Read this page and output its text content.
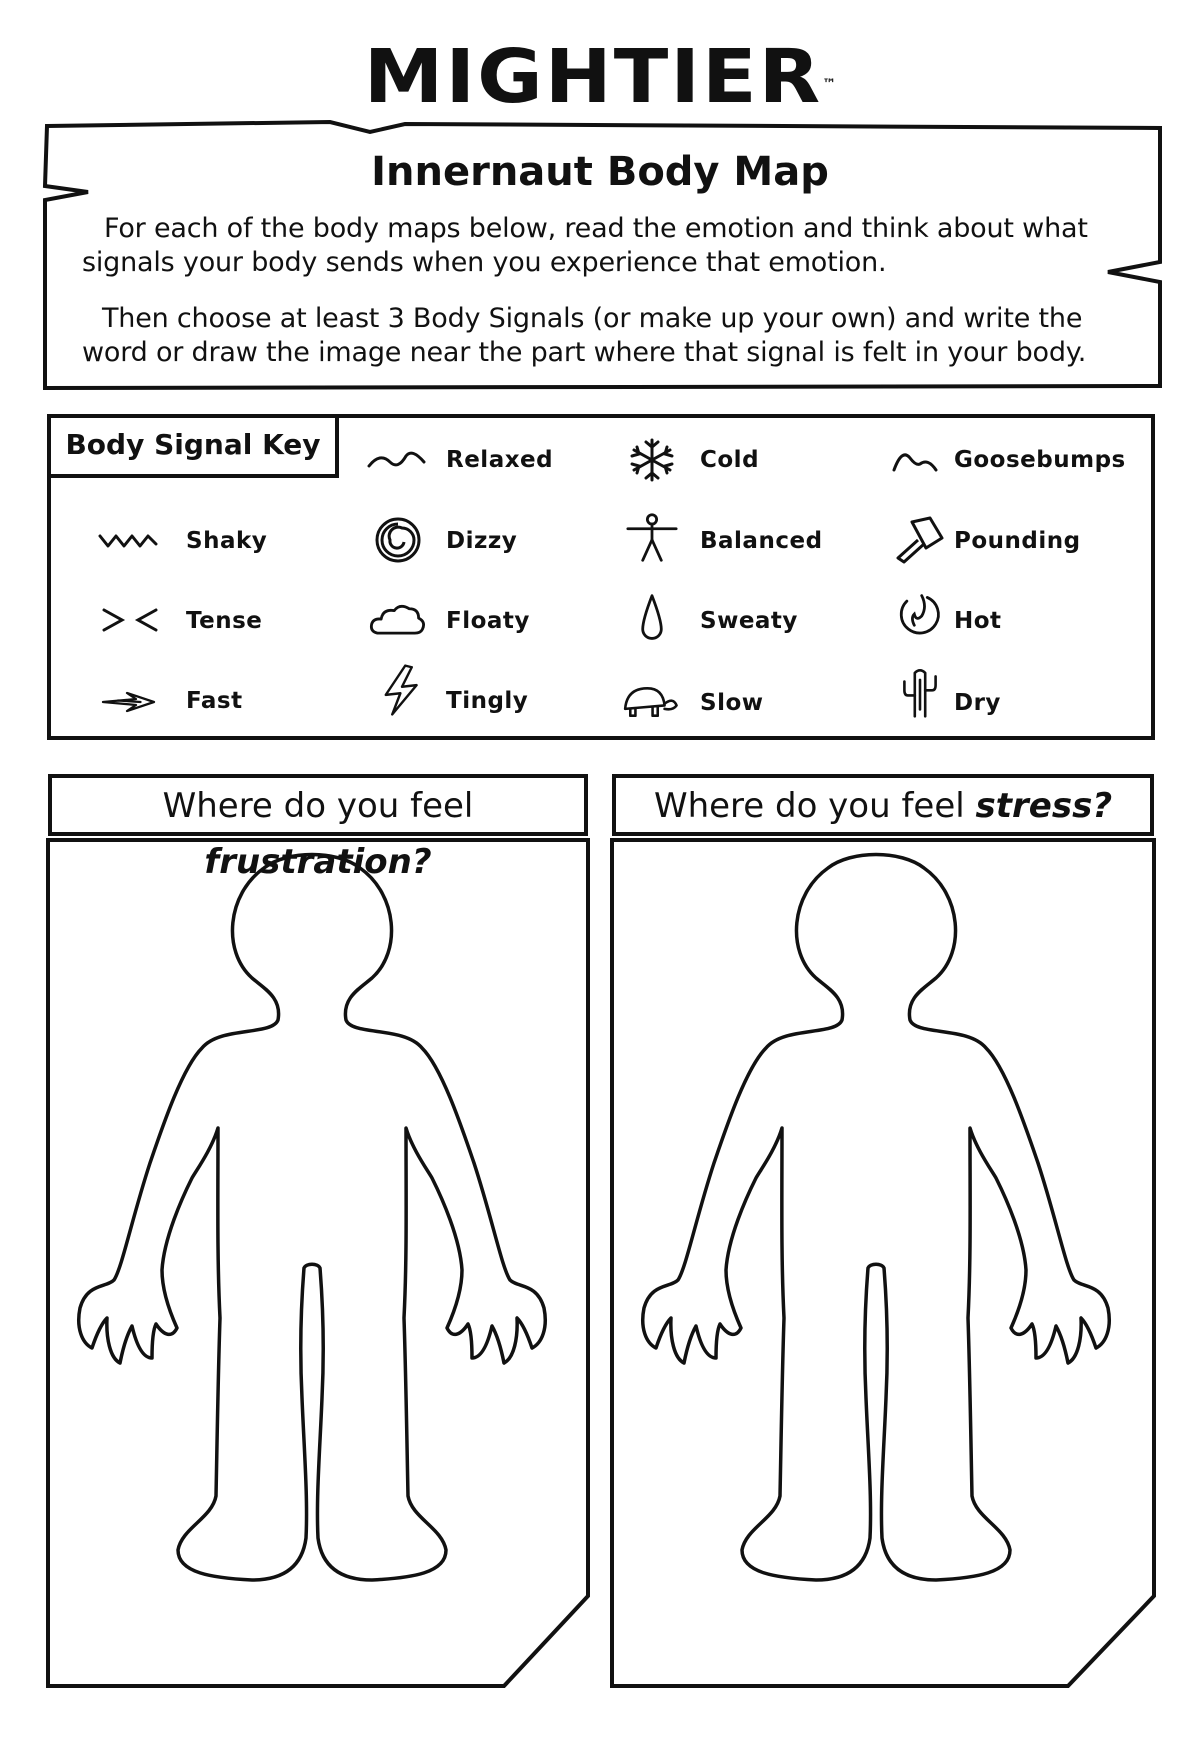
MIGHTIER™
Innernaut Body Map
For each of the body maps below, read the emotion and think about what signals your body sends when you experience that emotion.
Then choose at least 3 Body Signals (or make up your own) and write the word or draw the image near the part where that signal is felt in your body.
Body Signal Key	Relaxed	Cold	Goosebumps
Shaky	Dizzy	Balanced	Pounding
Tense	Floaty	Sweaty	Hot
Fast	Tingly	Slow	Dry
Where do you feel frustration?
Where do you feel stress?
